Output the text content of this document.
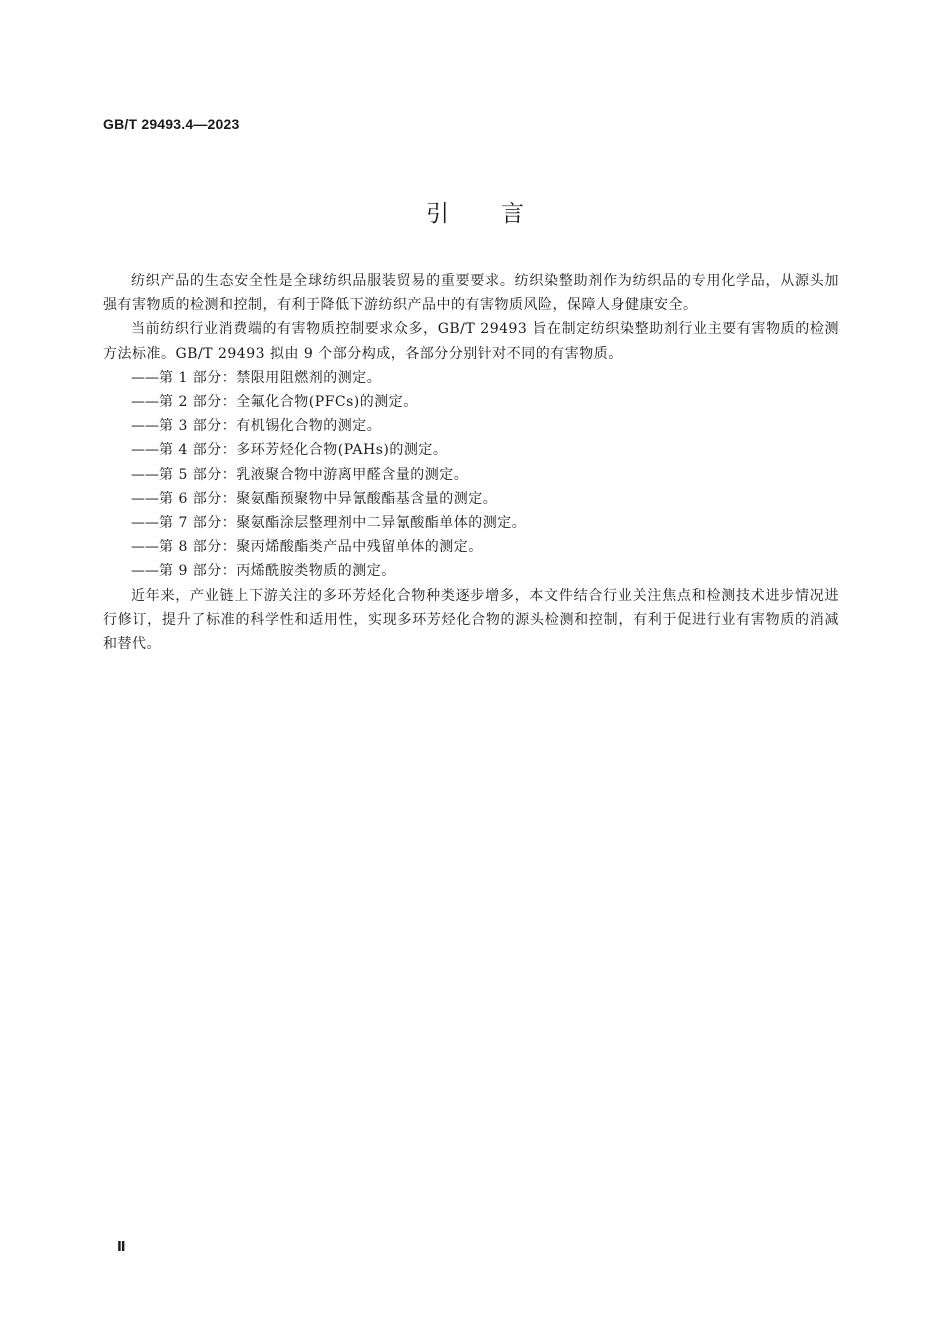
GB/T 29493.4—2023
引言

纺织产品的生态安全性是全球纺织品服装贸易的重要要求。纺织染整助剂作为纺织品的专用化学品，从源头加强有害物质的检测和控制，有利于降低下游纺织产品中的有害物质风险，保障人身健康安全。

当前纺织行业消费端的有害物质控制要求众多，GB/T 29493 旨在制定纺织染整助剂行业主要有害物质的检测方法标准。GB/T 29493 拟由 9 个部分构成，各部分分别针对不同的有害物质。

——第 1 部分：禁限用阻燃剂的测定。
——第 2 部分：全氟化合物(PFCs)的测定。
——第 3 部分：有机锡化合物的测定。
——第 4 部分：多环芳烃化合物(PAHs)的测定。
——第 5 部分：乳液聚合物中游离甲醛含量的测定。
——第 6 部分：聚氨酯预聚物中异氰酸酯基含量的测定。
——第 7 部分：聚氨酯涂层整理剂中二异氰酸酯单体的测定。
——第 8 部分：聚丙烯酸酯类产品中残留单体的测定。
——第 9 部分：丙烯酰胺类物质的测定。

近年来，产业链上下游关注的多环芳烃化合物种类逐步增多，本文件结合行业关注焦点和检测技术进步情况进行修订，提升了标准的科学性和适用性，实现多环芳烃化合物的源头检测和控制，有利于促进行业有害物质的消减和替代。

Ⅱ
